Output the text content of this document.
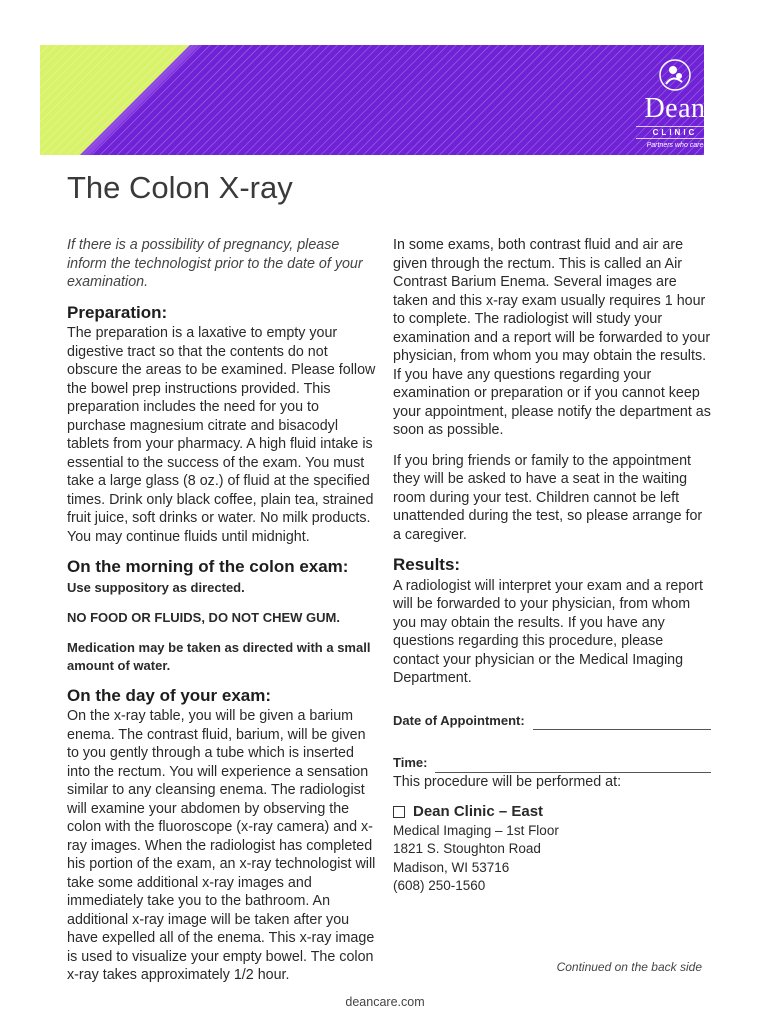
Dean
CLINIC
Partners who care
The Colon X-ray

If there is a possibility of pregnancy, please inform the technologist prior to the date of your examination.

Preparation:

The preparation is a laxative to empty your digestive tract so that the contents do not obscure the areas to be examined. Please follow the bowel prep instructions provided. This preparation includes the need for you to purchase magnesium citrate and bisacodyl tablets from your pharmacy. A high fluid intake is essential to the success of the exam. You must take a large glass (8 oz.) of fluid at the specified times. Drink only black coffee, plain tea, strained fruit juice, soft drinks or water. No milk products. You may continue fluids until midnight.

On the morning of the colon exam:

Use suppository as directed.

NO FOOD OR FLUIDS, DO NOT CHEW GUM.

Medication may be taken as directed with a small amount of water.

On the day of your exam:

On the x-ray table, you will be given a barium enema. The contrast fluid, barium, will be given to you gently through a tube which is inserted into the rectum. You will experience a sensation similar to any cleansing enema. The radiologist will examine your abdomen by observing the colon with the fluoroscope (x-ray camera) and x-ray images. When the radiologist has completed his portion of the exam, an x-ray technologist will take some additional x-ray images and immediately take you to the bathroom. An additional x-ray image will be taken after you have expelled all of the enema. This x-ray image is used to visualize your empty bowel. The colon x-ray takes approximately 1/2 hour.

In some exams, both contrast fluid and air are given through the rectum. This is called an Air Contrast Barium Enema. Several images are taken and this x-ray exam usually requires 1 hour to complete. The radiologist will study your examination and a report will be forwarded to your physician, from whom you may obtain the results. If you have any questions regarding your examination or preparation or if you cannot keep your appointment, please notify the department as soon as possible.

If you bring friends or family to the appointment they will be asked to have a seat in the waiting room during your test. Children cannot be left unattended during the test, so please arrange for a caregiver.

Results:

A radiologist will interpret your exam and a report will be forwarded to your physician, from whom you may obtain the results. If you have any questions regarding this procedure, please contact your physician or the Medical Imaging Department.

Date of Appointment:
Time:

This procedure will be performed at:

Dean Clinic – East
Medical Imaging – 1st Floor
1821 S. Stoughton Road
Madison, WI 53716
(608) 250-1560
Continued on the back side
deancare.com
